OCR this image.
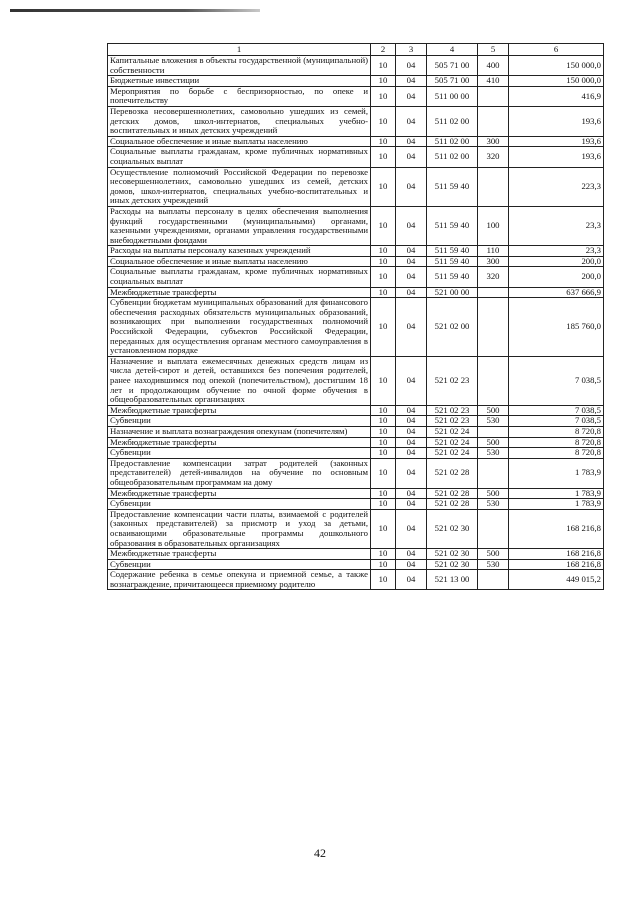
1	2	3	4	5	6
Капитальные вложения в объекты государственной (муниципальной) собственности	10	04	505 71 00	400	150 000,0
Бюджетные инвестиции	10	04	505 71 00	410	150 000,0
Мероприятия по борьбе с беспризорностью, по опеке и попечительству	10	04	511 00 00		416,9
Перевозка несовершеннолетних, самовольно ушедших из семей, детских домов, школ-интернатов, специальных учебно-воспитательных и иных детских учреждений	10	04	511 02 00		193,6
Социальное обеспечение и иные выплаты населению	10	04	511 02 00	300	193,6
Социальные выплаты гражданам, кроме публичных нормативных социальных выплат	10	04	511 02 00	320	193,6
Осуществление полномочий Российской Федерации по перевозке несовершеннолетних, самовольно ушедших из семей, детских домов, школ-интернатов, специальных учебно-воспитательных и иных детских учреждений	10	04	511 59 40		223,3
Расходы на выплаты персоналу в целях обеспечения выполнения функций государственными (муниципальными) органами, казенными учреждениями, органами управления государственными внебюджетными фондами	10	04	511 59 40	100	23,3
Расходы на выплаты персоналу казенных учреждений	10	04	511 59 40	110	23,3
Социальное обеспечение и иные выплаты населению	10	04	511 59 40	300	200,0
Социальные выплаты гражданам, кроме публичных нормативных социальных выплат	10	04	511 59 40	320	200,0
Межбюджетные трансферты	10	04	521 00 00		637 666,9
Субвенции бюджетам муниципальных образований для финансового обеспечения расходных обязательств муниципальных образований, возникающих при выполнении государственных полномочий Российской Федерации, субъектов Российской Федерации, переданных для осуществления органам местного самоуправления в установленном порядке	10	04	521 02 00		185 760,0
Назначение и выплата ежемесячных денежных средств лицам из числа детей-сирот и детей, оставшихся без попечения родителей, ранее находившимся под опекой (попечительством), достигшим 18 лет и продолжающим обучение по очной форме обучения в общеобразовательных организациях	10	04	521 02 23		7 038,5
Межбюджетные трансферты	10	04	521 02 23	500	7 038,5
Субвенции	10	04	521 02 23	530	7 038,5
Назначение и выплата вознаграждения опекунам (попечителям)	10	04	521 02 24		8 720,8
Межбюджетные трансферты	10	04	521 02 24	500	8 720,8
Субвенции	10	04	521 02 24	530	8 720,8
Предоставление компенсации затрат родителей (законных представителей) детей-инвалидов на обучение по основным общеобразовательным программам на дому	10	04	521 02 28		1 783,9
Межбюджетные трансферты	10	04	521 02 28	500	1 783,9
Субвенции	10	04	521 02 28	530	1 783,9
Предоставление компенсации части платы, взимаемой с родителей (законных представителей) за присмотр и уход за детьми, осваивающими образовательные программы дошкольного образования в образовательных организациях	10	04	521 02 30		168 216,8
Межбюджетные трансферты	10	04	521 02 30	500	168 216,8
Субвенции	10	04	521 02 30	530	168 216,8
Содержание ребенка в семье опекуна и приемной семье, а также вознаграждение, причитающееся приемному родителю	10	04	521 13 00		449 015,2
42
